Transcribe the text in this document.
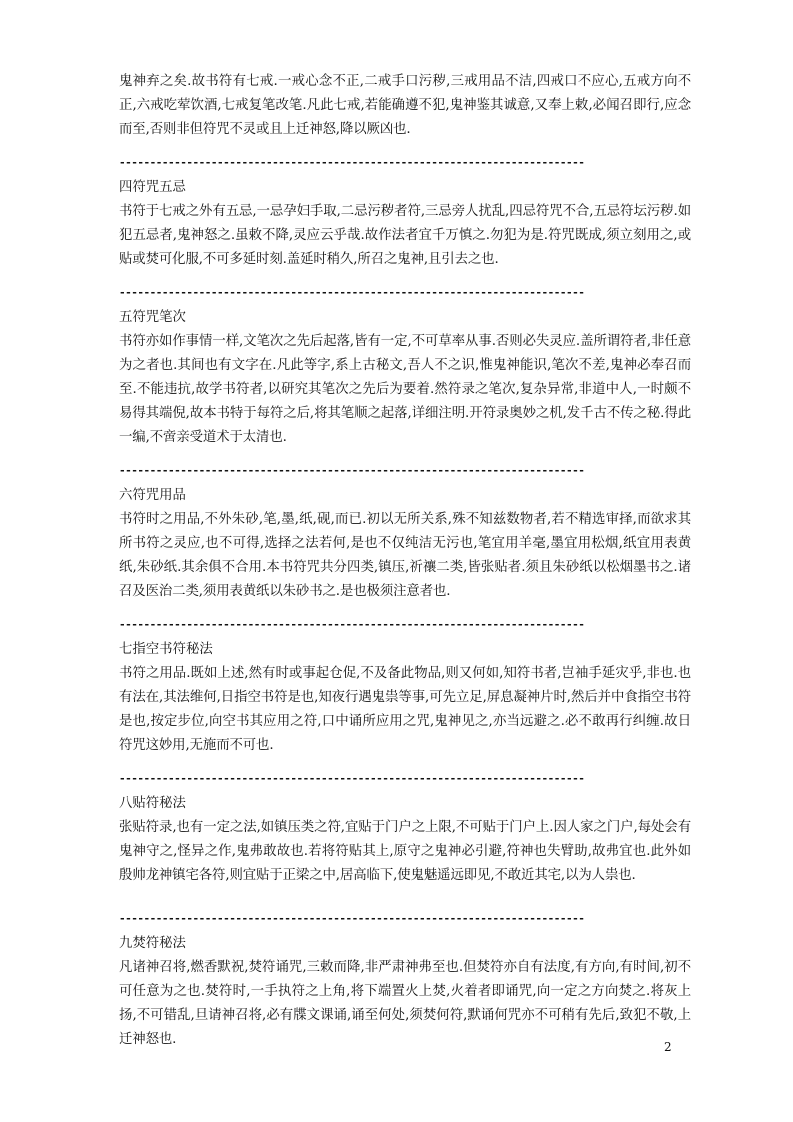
鬼神弃之矣.故书符有七戒.一戒心念不正,二戒手口污秽,三戒用品不洁,四戒口不应心,五戒方向不正,六戒吃荤饮酒,七戒复笔改笔.凡此七戒,若能确遵不犯,鬼神鉴其诚意,又奉上敕,必闻召即行,应念而至,否则非但符咒不灵或且上迁神怒,降以厥凶也.

----------------------------------------------------------------------------

四符咒五忌

书符于七戒之外有五忌,一忌孕妇手取,二忌污秽者符,三忌旁人扰乱,四忌符咒不合,五忌符坛污秽.如犯五忌者,鬼神怒之.虽敕不降,灵应云乎哉.故作法者宜千万慎之.勿犯为是.符咒既成,须立刻用之,或贴或焚可化服,不可多延时刻.盖延时稍久,所召之鬼神,且引去之也.

----------------------------------------------------------------------------

五符咒笔次

书符亦如作事情一样,文笔次之先后起落,皆有一定,不可草率从事.否则必失灵应.盖所谓符者,非任意为之者也.其间也有文字在.凡此等字,系上古秘文,吾人不之识,惟鬼神能识,笔次不差,鬼神必奉召而至.不能违抗,故学书符者,以研究其笔次之先后为要着.然符录之笔次,复杂异常,非道中人,一时颇不易得其端倪,故本书特于每符之后,将其笔顺之起落,详细注明.开符录奥妙之机,发千古不传之秘.得此一编,不啻亲受道术于太清也.

----------------------------------------------------------------------------

六符咒用品

书符时之用品,不外朱砂,笔,墨,纸,砚,而已.初以无所关系,殊不知兹数物者,若不精选审择,而欲求其所书符之灵应,也不可得,选择之法若何,是也不仅纯洁无污也,笔宜用羊毫,墨宜用松烟,纸宜用表黄纸,朱砂纸.其余俱不合用.本书符咒共分四类,镇压,祈禳二类,皆张贴者.须且朱砂纸以松烟墨书之.诸召及医治二类,须用表黄纸以朱砂书之.是也极须注意者也.

----------------------------------------------------------------------------

七指空书符秘法

书符之用品.既如上述,然有时或事起仓促,不及备此物品,则又何如,知符书者,岂袖手延灾乎,非也.也有法在,其法维何,日指空书符是也,知夜行遇鬼祟等事,可先立足,屏息凝神片时,然后并中食指空书符是也,按定步位,向空书其应用之符,口中诵所应用之咒,鬼神见之,亦当远避之.必不敢再行纠缠.故日符咒这妙用,无施而不可也.

----------------------------------------------------------------------------

八贴符秘法

张贴符录,也有一定之法,如镇压类之符,宜贴于门户之上限,不可贴于门户上.因人家之门户,每处会有鬼神守之,怪异之作,鬼弗敢故也.若将符贴其上,原守之鬼神必引避,符神也失臂助,故弗宜也.此外如殷帅龙神镇宅各符,则宜贴于正梁之中,居高临下,使鬼魅遥远即见,不敢近其宅,以为人祟也.

----------------------------------------------------------------------------

九焚符秘法

凡诸神召将,燃香默祝,焚符诵咒,三敕而降,非严肃神弗至也.但焚符亦自有法度,有方向,有时间,初不可任意为之也.焚符时,一手执符之上角,将下端置火上焚,火着者即诵咒,向一定之方向焚之.将灰上扬,不可错乱,旦请神召将,必有牒文课诵,诵至何处,须焚何符,默诵何咒亦不可稍有先后,致犯不敬,上迁神怒也.	2
